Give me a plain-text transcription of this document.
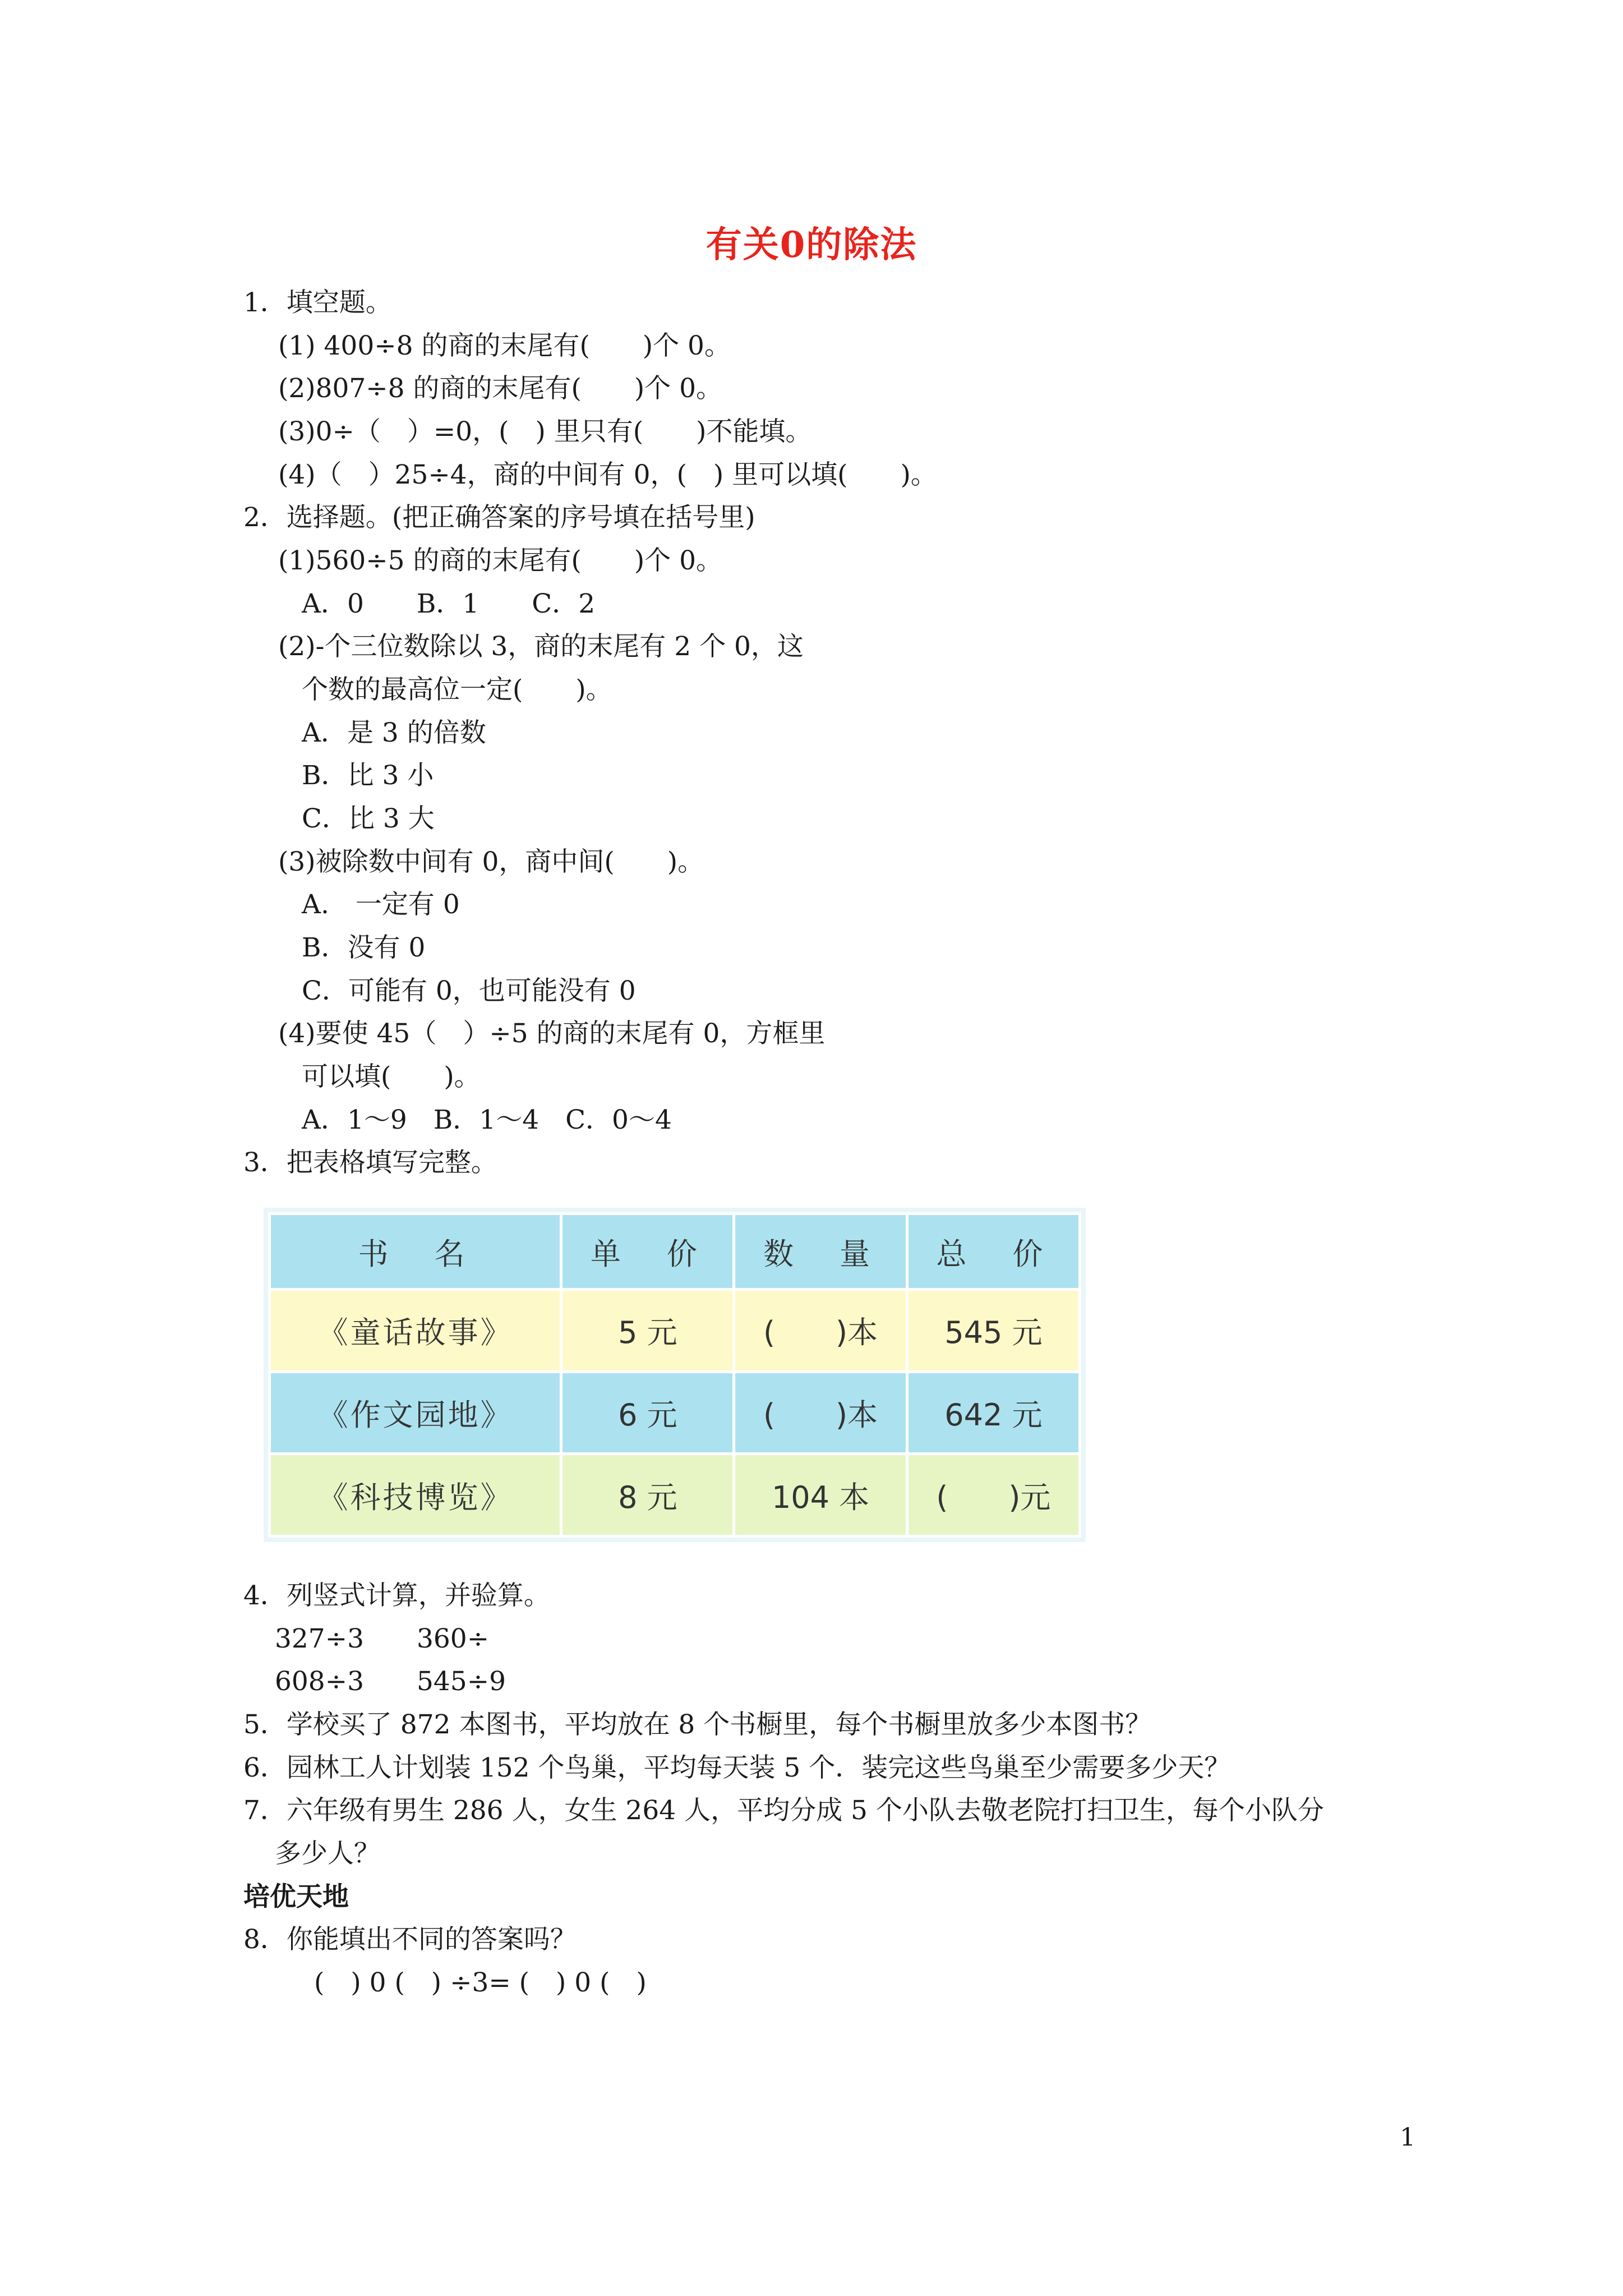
有关0的除法
1．填空题。
(1) 400÷8 的商的末尾有(　　)个 0。
(2)807÷8 的商的末尾有(　　)个 0。
(3)0÷（　）=0，(　) 里只有(　　)不能填。
(4)（　）25÷4，商的中间有 0，(　) 里可以填(　　)。
2．选择题。(把正确答案的序号填在括号里)
(1)560÷5 的商的末尾有(　　)个 0。
A．0　　B．1　　C．2
(2)-个三位数除以 3，商的末尾有 2 个 0，这
个数的最高位一定(　　)。
A．是 3 的倍数
B．比 3 小
C．比 3 大
(3)被除数中间有 0，商中间(　　)。
A.　一定有 0
B．没有 0
C．可能有 0，也可能没有 0
(4)要使 45（　）÷5 的商的末尾有 0，方框里
可以填(　　)。
A．1～9　B．1～4　C．0～4
3．把表格填写完整。
书　名	单　价	数　量	总　价
《童话故事》	5 元	(　　)本	545 元
《作文园地》	6 元	(　　)本	642 元
《科技博览》	8 元	104 本	(　　)元
4．列竖式计算，并验算。
327÷3　　360÷
608÷3　　545÷9
5．学校买了 872 本图书，平均放在 8 个书橱里，每个书橱里放多少本图书？
6．园林工人计划装 152 个鸟巢，平均每天装 5 个．装完这些鸟巢至少需要多少天？
7．六年级有男生 286 人，女生 264 人，平均分成 5 个小队去敬老院打扫卫生，每个小队分
多少人？
培优天地
8．你能填出不同的答案吗？
(　) 0 (　) ÷3= (　) 0 (　)
1
